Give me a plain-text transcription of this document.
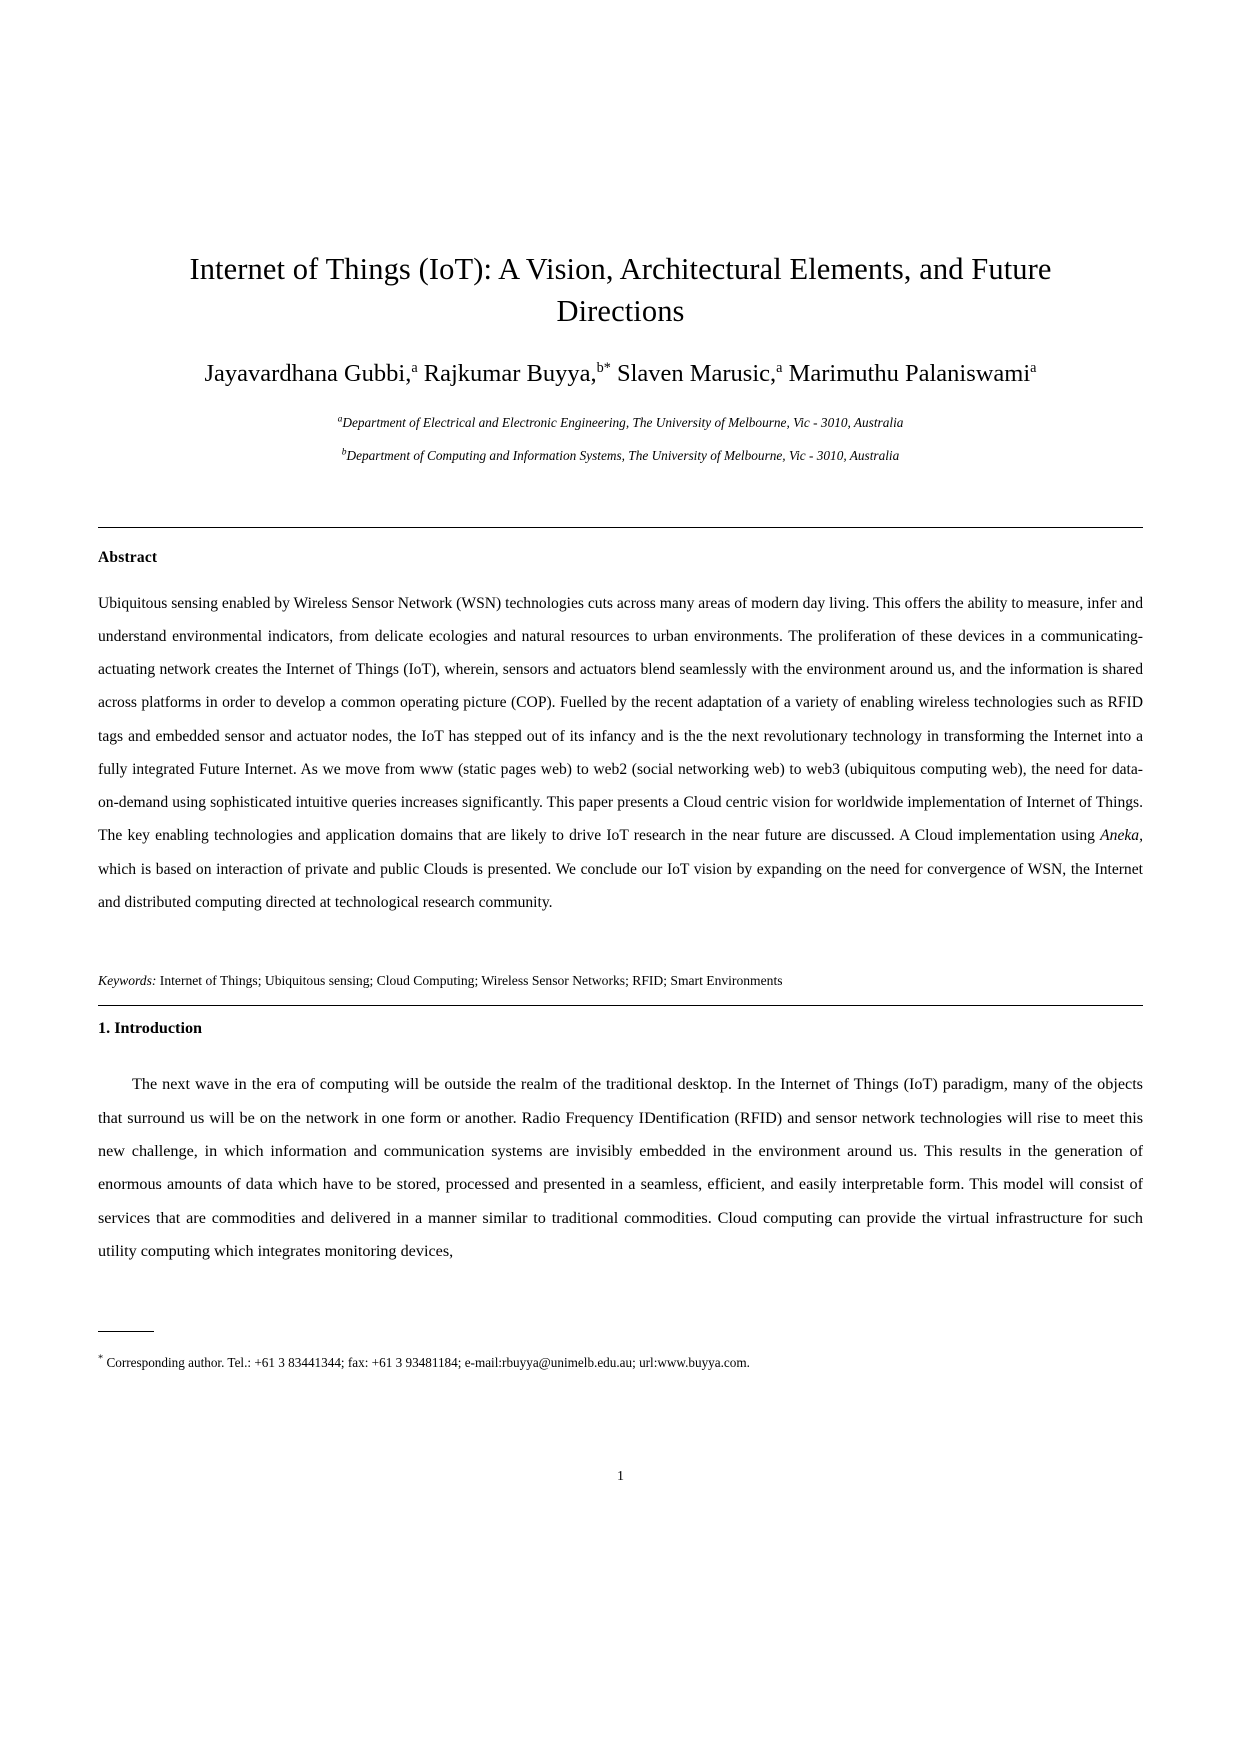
Internet of Things (IoT): A Vision, Architectural Elements, and Future Directions
Jayavardhana Gubbi,$^a$ Rajkumar Buyya,$^{b*}$ Slaven Marusic,$^a$ Marimuthu Palaniswami$^a$
$^a$Department of Electrical and Electronic Engineering, The University of Melbourne, Vic - 3010, Australia
$^b$Department of Computing and Information Systems, The University of Melbourne, Vic - 3010, Australia
Abstract
Ubiquitous sensing enabled by Wireless Sensor Network (WSN) technologies cuts across many areas of modern day living. This offers the ability to measure, infer and understand environmental indicators, from delicate ecologies and natural resources to urban environments. The proliferation of these devices in a communicating-actuating network creates the Internet of Things (IoT), wherein, sensors and actuators blend seamlessly with the environment around us, and the information is shared across platforms in order to develop a common operating picture (COP). Fuelled by the recent adaptation of a variety of enabling wireless technologies such as RFID tags and embedded sensor and actuator nodes, the IoT has stepped out of its infancy and is the the next revolutionary technology in transforming the Internet into a fully integrated Future Internet. As we move from www (static pages web) to web2 (social networking web) to web3 (ubiquitous computing web), the need for data-on-demand using sophisticated intuitive queries increases significantly. This paper presents a Cloud centric vision for worldwide implementation of Internet of Things. The key enabling technologies and application domains that are likely to drive IoT research in the near future are discussed. A Cloud implementation using Aneka, which is based on interaction of private and public Clouds is presented. We conclude our IoT vision by expanding on the need for convergence of WSN, the Internet and distributed computing directed at technological research community.
Keywords: Internet of Things; Ubiquitous sensing; Cloud Computing; Wireless Sensor Networks; RFID; Smart Environments
1. Introduction
The next wave in the era of computing will be outside the realm of the traditional desktop. In the Internet of Things (IoT) paradigm, many of the objects that surround us will be on the network in one form or another. Radio Frequency IDentification (RFID) and sensor network technologies will rise to meet this new challenge, in which information and communication systems are invisibly embedded in the environment around us. This results in the generation of enormous amounts of data which have to be stored, processed and presented in a seamless, efficient, and easily interpretable form. This model will consist of services that are commodities and delivered in a manner similar to traditional commodities. Cloud computing can provide the virtual infrastructure for such utility computing which integrates monitoring devices,
* Corresponding author. Tel.: +61 3 83441344; fax: +61 3 93481184; e-mail:rbuyya@unimelb.edu.au; url:www.buyya.com.
1
